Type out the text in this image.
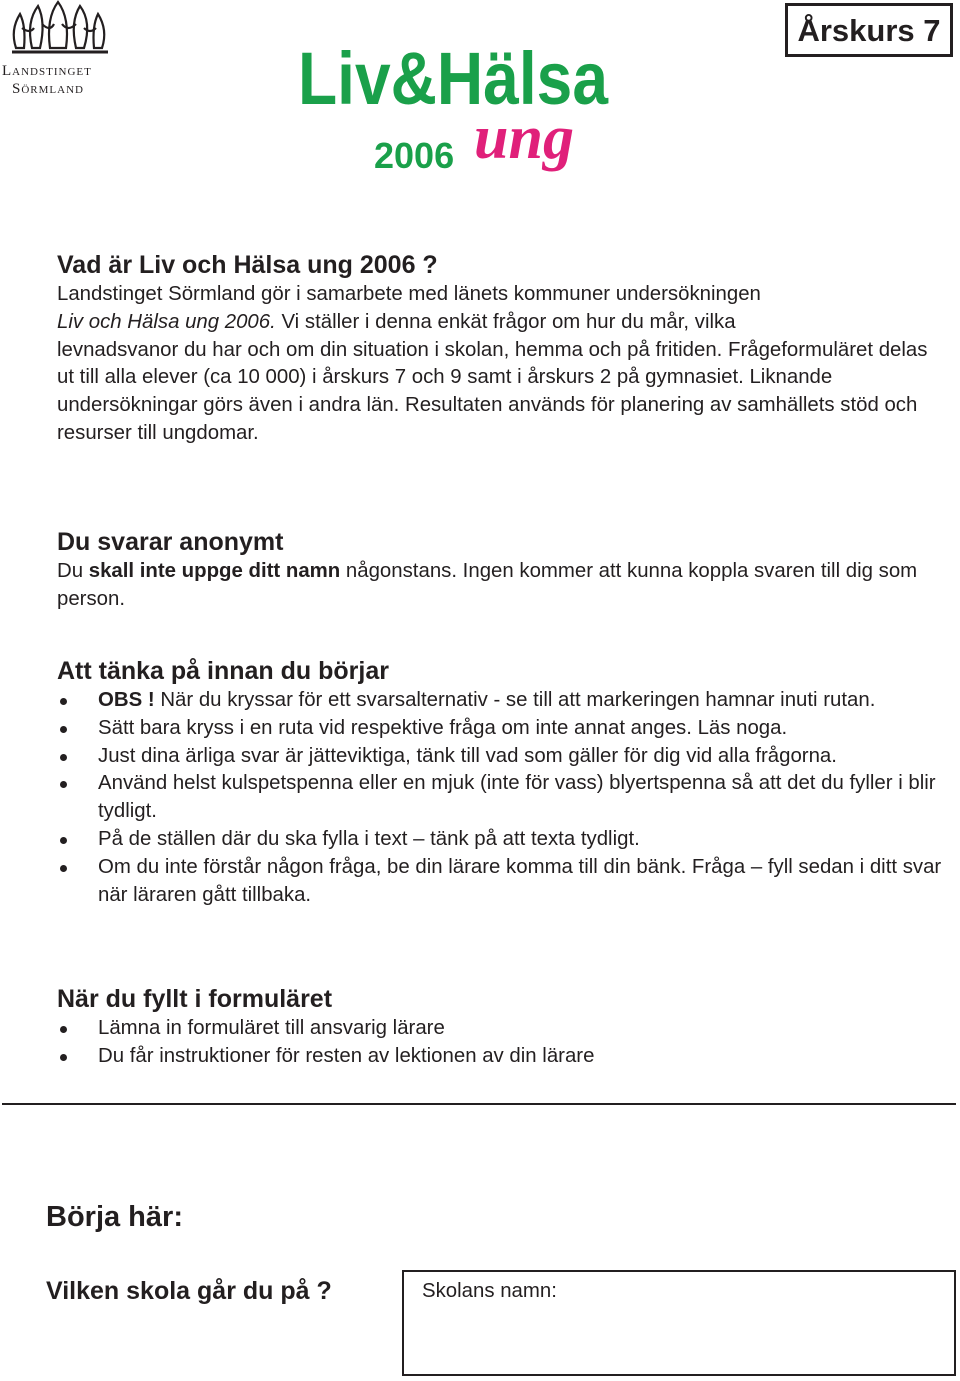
Landstinget
Sörmland	Liv&Hälsa
ung
2006
Årskurs 7
Vad är Liv och Hälsa ung 2006 ?
Landstinget Sörmland gör i samarbete med länets kommuner undersökningen
Liv och Hälsa ung 2006. Vi ställer i denna enkät frågor om hur du mår, vilka
levnadsvanor du har och om din situation i skolan, hemma och på fritiden. Frågeformuläret delas ut till alla elever (ca 10 000) i årskurs 7 och 9 samt i årskurs 2 på gymnasiet. Liknande undersökningar görs även i andra län. Resultaten används för planering av samhällets stöd och resurser till ungdomar.
Du svarar anonymt
Du skall inte uppge ditt namn någonstans. Ingen kommer att kunna koppla svaren till dig som person.
Att tänka på innan du börjar
OBS ! När du kryssar för ett svarsalternativ - se till att markeringen hamnar inuti rutan.
Sätt bara kryss i en ruta vid respektive fråga om inte annat anges. Läs noga.
Just dina ärliga svar är jätteviktiga, tänk till vad som gäller för dig vid alla frågorna.
Använd helst kulspetspenna eller en mjuk (inte för vass) blyertspenna så att det du fyller i blir tydligt.
På de ställen där du ska fylla i text – tänk på att texta tydligt.
Om du inte förstår någon fråga, be din lärare komma till din bänk. Fråga – fyll sedan i ditt svar när läraren gått tillbaka.
När du fyllt i formuläret
Lämna in formuläret till ansvarig lärare
Du får instruktioner för resten av lektionen av din lärare
Börja här:
Vilken skola går du på ?	Skolans namn:
